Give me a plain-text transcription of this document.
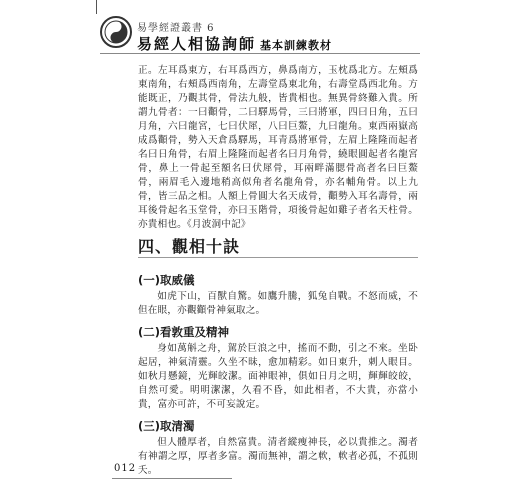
易學經證叢書 6
易經人相協詢師 基本訓練教材
正。左耳爲東方，右耳爲西方，鼻爲南方，玉枕爲北方。左頰爲東南角，右頰爲西南角，左壽堂爲東北角，右壽堂爲西北角。方能既正，乃觀其骨，骨法九般，皆貴相也。無異骨終難入貴。所謂九骨者：一曰顴骨，二曰驛馬骨，三曰將軍，四曰日角，五曰月角，六曰龍宮，七曰伏犀，八曰巨鰲，九曰龍角。東西兩嶽高成爲顴骨，勢入天倉爲驛馬，耳青爲將軍骨，左眉上隆隆而起者名曰日角骨，右眉上隆隆而起者名曰月角骨，繞眼圓起者名龍宮骨，鼻上一骨起至額名曰伏犀骨，耳兩畔滿腮骨高者名曰巨鰲骨，兩眉毛入邊地稍高似角者名龍角骨，亦名輔角骨。以上九骨，皆三品之相。人額上骨圓大名天成骨，顴勢入耳名壽骨，兩耳後骨起名玉堂骨，亦曰玉階骨，項後骨起如雞子者名天柱骨。亦貴相也。《月波洞中記》
四、觀相十訣
(一)取威儀
如虎下山，百獸自驚。如鷹升騰，狐兔自戰。不怒而威，不但在眼，亦觀顴骨神氣取之。
(二)看敦重及精神
身如萬斛之舟，駕於巨浪之中，搖而不動，引之不來。坐卧起居，神氣清靈。久坐不昧，愈加精彩。如日東升，刺人眼目。如秋月懸鏡，光輝皎潔。面神眼神，俱如日月之明，輝輝皎皎，自然可愛。明明潔潔，久看不昏，如此相者，不大貴，亦當小貴，富亦可許，不可妄說定。
(三)取清濁
但人體厚者，自然富貴。清者縱瘦神長，必以貴推之。濁者有神謂之厚，厚者多富。濁而無神，謂之軟，軟者必孤，不孤則夭。
012
